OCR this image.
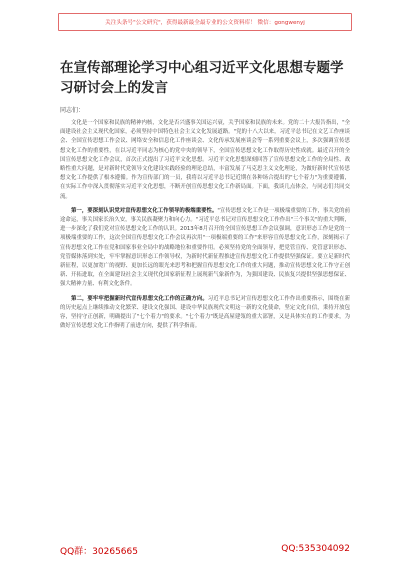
关注头条号"公文研究"，获得最新最全最专业的公文资料库！ 微信：gongwenyj
在宣传部理论学习中心组习近平文化思想专题学习研讨会上的发言

同志们：

文化是一个国家和民族的精神内核，文化是否兴盛事关国运兴衰，关乎国家和民族的未来。党的二十大报告指出，"全面建设社会主义现代化国家，必须坚持中国特色社会主义文化发展道路。"党的十八大以来，习近平总书记在文艺工作座谈会、全国宣传思想工作会议、网络安全和信息化工作座谈会、文化传承发展座谈会等一系列重要会议上，多次强调宣传思想文化工作的重要性，在以习近平同志为核心的党中央的领导下，全国宣传思想文化工作取得历史性成就。最近召开的全国宣传思想文化工作会议，首次正式提出了习近平文化思想。习近平文化思想深刻回答了宣传思想文化工作的全局性、战略性重大问题，是对新时代党领导文化建设实践经验的理论总结，丰富发展了马克思主义文化理论，为做好新时代宣传思想文化工作提供了根本遵循。作为宣传部门的一员，我将以习近平总书记近期在各种场合提出的"七个着力"为重要遵循，在实际工作中深入贯彻落实习近平文化思想，不断开创宣传思想文化工作新局面。下面，我谈几点体会，与同志们共同交流。

第一，要深刻认识党对宣传思想文化工作领导的极端重要性。"宣传思想文化工作是一项极端重要的工作，事关党的前途命运，事关国家长治久安，事关民族凝聚力和向心力。"习近平总书记对宣传思想文化工作作出"三个事关"的重大判断，进一步深化了我们党对宣传思想文化工作的认识。2013年8月召开的全国宣传思想工作会议强调，意识形态工作是党的一项极端重要的工作，这次全国宣传思想文化工作会议再次用"一项极端重要的工作"来形容宣传思想文化工作，深刻揭示了宣传思想文化工作在党和国家事业全局中的战略地位和重要作用。必须坚持党的全面领导，把党管宣传、党管意识形态、党管媒体落到实处，牢牢掌握意识形态工作领导权，为新时代新征程推进宣传思想文化工作提供坚强保证。要立足新时代新征程，以更加宽广的视野、更加长远的眼光来思考和把握宣传思想文化工作的重大问题，推动宣传思想文化工作守正创新、开拓进取，在全面建设社会主义现代化国家新征程上展现新气象新作为，为强国建设、民族复兴提供坚强思想保证、强大精神力量、有利文化条件。

第二，要牢牢把握新时代宣传思想文化工作的正确方向。习近平总书记对宣传思想文化工作作出重要指示，围绕在新的历史起点上继续推动文化繁荣、建设文化强国、建设中华民族现代文明这一新的文化使命，坚定文化自信，秉持开放包容，坚持守正创新，明确提出了"七个着力"的要求。"七个着力"既是高屋建瓴的重大部署，又是具体实在的工作要求，为做好宣传思想文化工作指明了前进方向，提供了科学指南。

QQ群：30265665	QQ:535304092
